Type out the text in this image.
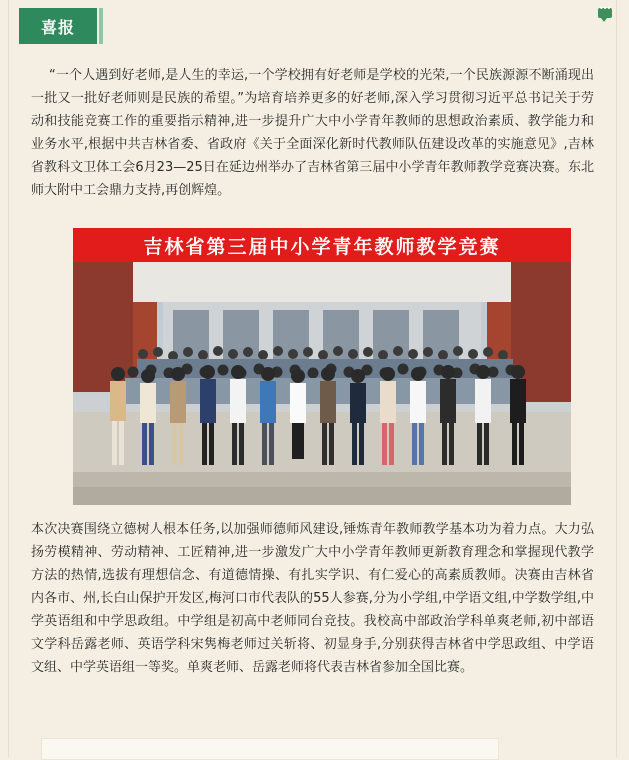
喜报
•••
“一个人遇到好老师,是人生的幸运,一个学校拥有好老师是学校的光荣,一个民族源源不断涌现出一批又一批好老师则是民族的希望。”为培育培养更多的好老师,深入学习贯彻习近平总书记关于劳动和技能竞赛工作的重要指示精神,进一步提升广大中小学青年教师的思想政治素质、教学能力和业务水平,根据中共吉林省委、省政府《关于全面深化新时代教师队伍建设改革的实施意见》,吉林省教科文卫体工会6月23—25日在延边州举办了吉林省第三届中小学青年教师教学竞赛决赛。东北师大附中工会鼎力支持,再创辉煌。
吉林省第三届中小学青年教师教学竞赛
本次决赛围绕立德树人根本任务,以加强师德师风建设,锤炼青年教师教学基本功为着力点。大力弘扬劳模精神、劳动精神、工匠精神,进一步激发广大中小学青年教师更新教育理念和掌握现代教学方法的热情,选拔有理想信念、有道德情操、有扎实学识、有仁爱心的高素质教师。决赛由吉林省内各市、州,长白山保护开发区,梅河口市代表队的55人参赛,分为小学组,中学语文组,中学数学组,中学英语组和中学思政组。中学组是初高中老师同台竞技。我校高中部政治学科单爽老师,初中部语文学科岳露老师、英语学科宋隽梅老师过关斩将、初显身手,分别获得吉林省中学思政组、中学语文组、中学英语组一等奖。单爽老师、岳露老师将代表吉林省参加全国比赛。
